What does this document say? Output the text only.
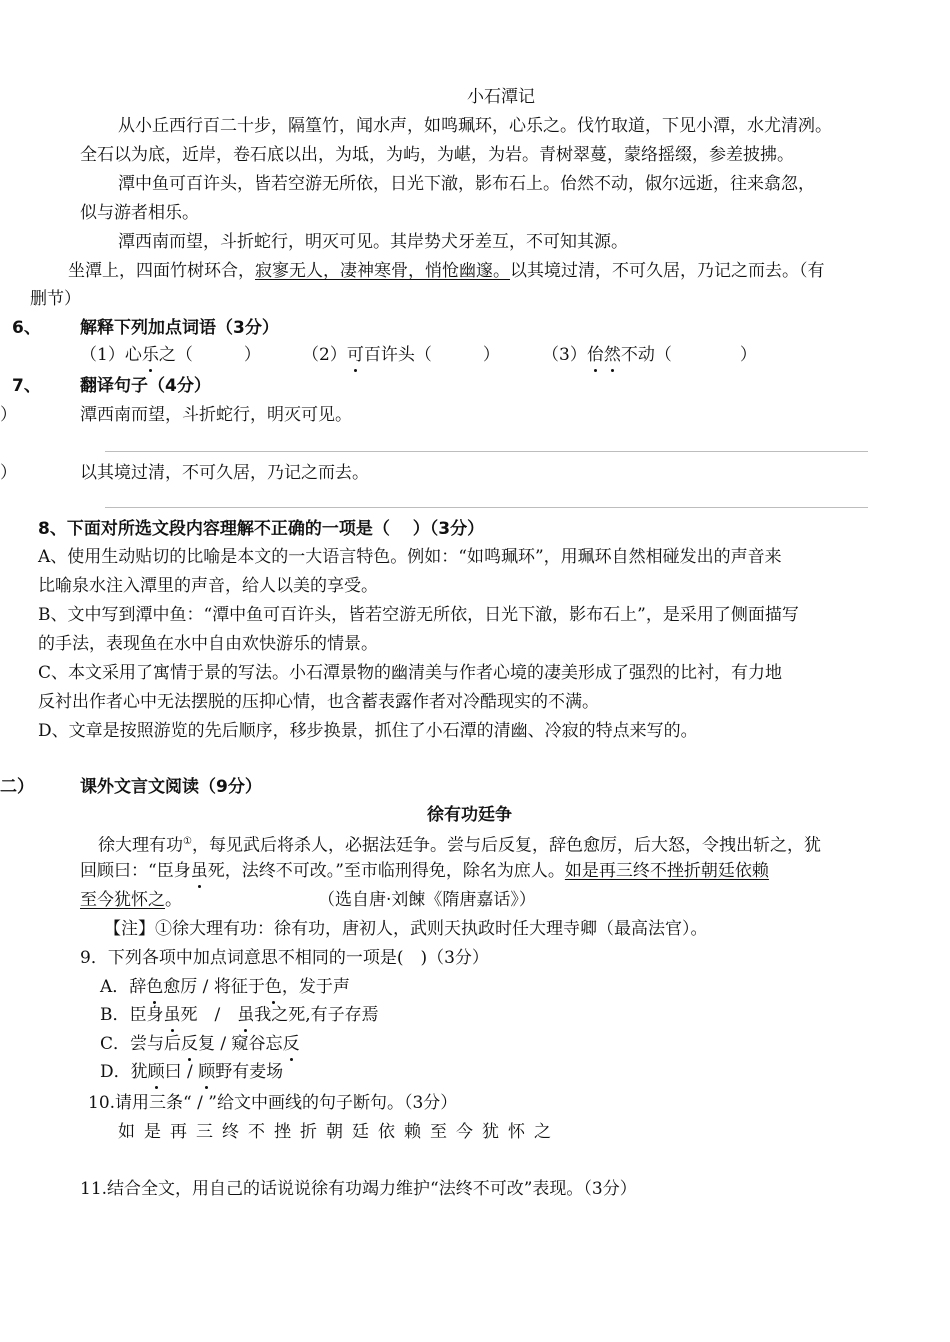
小石潭记
从小丘西行百二十步，隔篁竹，闻水声，如鸣珮环，心乐之。伐竹取道，下见小潭，水尤清冽。
全石以为底，近岸，卷石底以出，为坻，为屿，为嵁，为岩。青树翠蔓，蒙络摇缀，参差披拂。
潭中鱼可百许头，皆若空游无所依，日光下澈，影布石上。佁然不动，俶尔远逝，往来翕忽，
似与游者相乐。
潭西南而望，斗折蛇行，明灭可见。其岸势犬牙差互，不可知其源。
坐潭上，四面竹树环合，寂寥无人，凄神寒骨，悄怆幽邃。以其境过清，不可久居，乃记之而去。（有
删节）
6、 解释下列加点词语（3分）
（1）心乐之（　　　） （2）可百许头（　　　） （3）佁然不动（　　　　）
7、 翻译句子（4分）
）	潭西南而望，斗折蛇行，明灭可见。
）	以其境过清，不可久居，乃记之而去。
8、下面对所选文段内容理解不正确的一项是（　 ）（3分）
A、使用生动贴切的比喻是本文的一大语言特色。例如：“如鸣珮环”，用珮环自然相碰发出的声音来
比喻泉水注入潭里的声音，给人以美的享受。
B、文中写到潭中鱼：“潭中鱼可百许头，皆若空游无所依，日光下澈，影布石上”，是采用了侧面描写
的手法，表现鱼在水中自由欢快游乐的情景。
C、本文采用了寓情于景的写法。小石潭景物的幽清美与作者心境的凄美形成了强烈的比衬，有力地
反衬出作者心中无法摆脱的压抑心情，也含蓄表露作者对冷酷现实的不满。
D、文章是按照游览的先后顺序，移步换景，抓住了小石潭的清幽、冷寂的特点来写的。
二）	课外文言文阅读（9分）
徐有功廷争
徐大理有功①，每见武后将杀人，必据法廷争。尝与后反复，辞色愈厉，后大怒，令拽出斩之，犹
回顾曰：“臣身虽死，法终不可改。”至市临刑得免，除名为庶人。如是再三终不挫折朝廷依赖
至今犹怀之。	（选自唐·刘餗《隋唐嘉话》）
【注】①徐大理有功：徐有功，唐初人，武则天执政时任大理寺卿（最高法官）。
9．下列各项中加点词意思不相同的一项是(　)（3分）
A．辞色愈厉 / 将征于色，发于声
B．臣身虽死　/　虽我之死,有子存焉
C．尝与后反复 / 窥谷忘反
D．犹顾曰 / 顾野有麦场
10.请用三条“ / ”给文中画线的句子断句。（3分）
如是再三终不挫折朝廷依赖至今犹怀之
11.结合全文，用自己的话说说徐有功竭力维护“法终不可改”表现。（3分）
